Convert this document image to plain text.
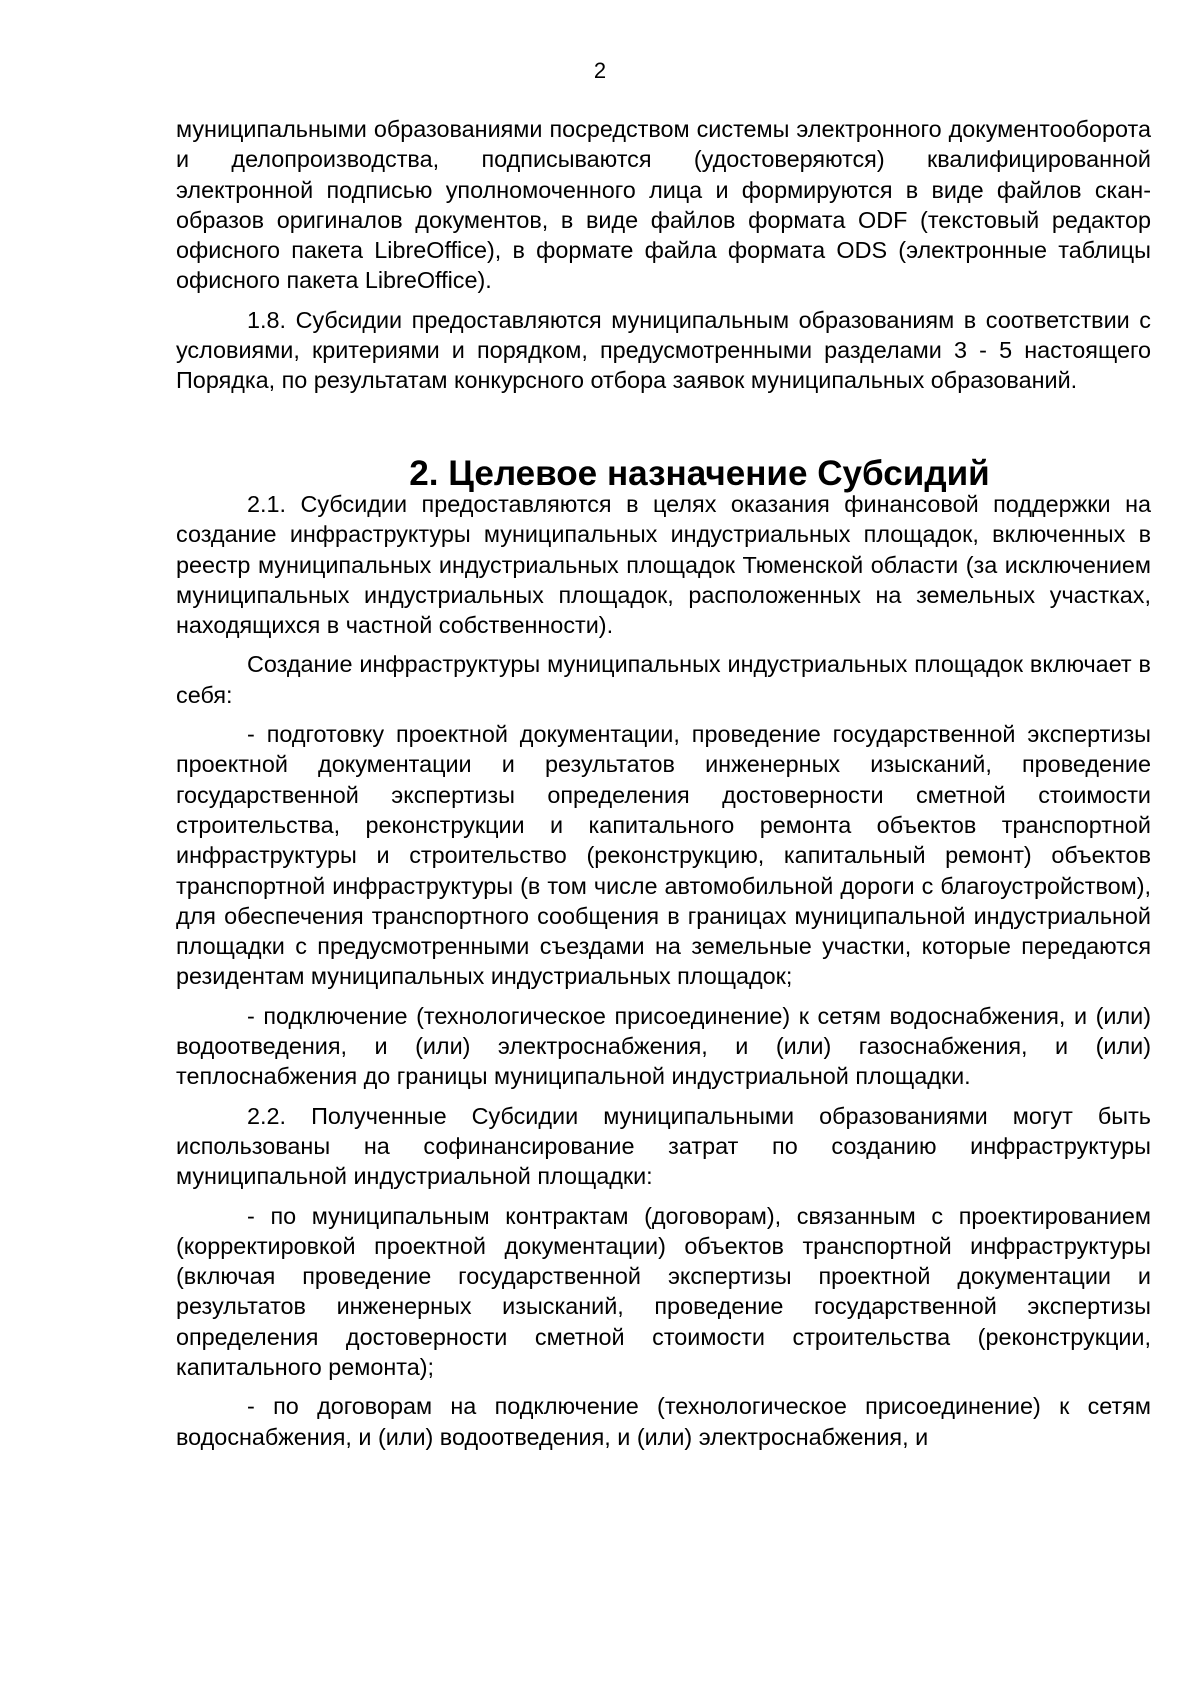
2

муниципальными образованиями посредством системы электронного документооборота и делопроизводства, подписываются (удостоверяются) квалифицированной электронной подписью уполномоченного лица и формируются в виде файлов скан-образов оригиналов документов, в виде файлов формата ODF (текстовый редактор офисного пакета LibreOffice), в формате файла формата ODS (электронные таблицы офисного пакета LibreOffice).

1.8. Субсидии предоставляются муниципальным образованиям в соответствии с условиями, критериями и порядком, предусмотренными разделами 3 - 5 настоящего Порядка, по результатам конкурсного отбора заявок муниципальных образований.

2. Целевое назначение Субсидий

2.1. Субсидии предоставляются в целях оказания финансовой поддержки на создание инфраструктуры муниципальных индустриальных площадок, включенных в реестр муниципальных индустриальных площадок Тюменской области (за исключением муниципальных индустриальных площадок, расположенных на земельных участках, находящихся в частной собственности).

Создание инфраструктуры муниципальных индустриальных площадок включает в себя:

- подготовку проектной документации, проведение государственной экспертизы проектной документации и результатов инженерных изысканий, проведение государственной экспертизы определения достоверности сметной стоимости строительства, реконструкции и капитального ремонта объектов транспортной инфраструктуры и строительство (реконструкцию, капитальный ремонт) объектов транспортной инфраструктуры (в том числе автомобильной дороги с благоустройством), для обеспечения транспортного сообщения в границах муниципальной индустриальной площадки с предусмотренными съездами на земельные участки, которые передаются резидентам муниципальных индустриальных площадок;

- подключение (технологическое присоединение) к сетям водоснабжения, и (или) водоотведения, и (или) электроснабжения, и (или) газоснабжения, и (или) теплоснабжения до границы муниципальной индустриальной площадки.

2.2. Полученные Субсидии муниципальными образованиями могут быть использованы на софинансирование затрат по созданию инфраструктуры муниципальной индустриальной площадки:

- по муниципальным контрактам (договорам), связанным с проектированием (корректировкой проектной документации) объектов транспортной инфраструктуры (включая проведение государственной экспертизы проектной документации и результатов инженерных изысканий, проведение государственной экспертизы определения достоверности сметной стоимости строительства (реконструкции, капитального ремонта);

- по договорам на подключение (технологическое присоединение) к сетям водоснабжения, и (или) водоотведения, и (или) электроснабжения, и
